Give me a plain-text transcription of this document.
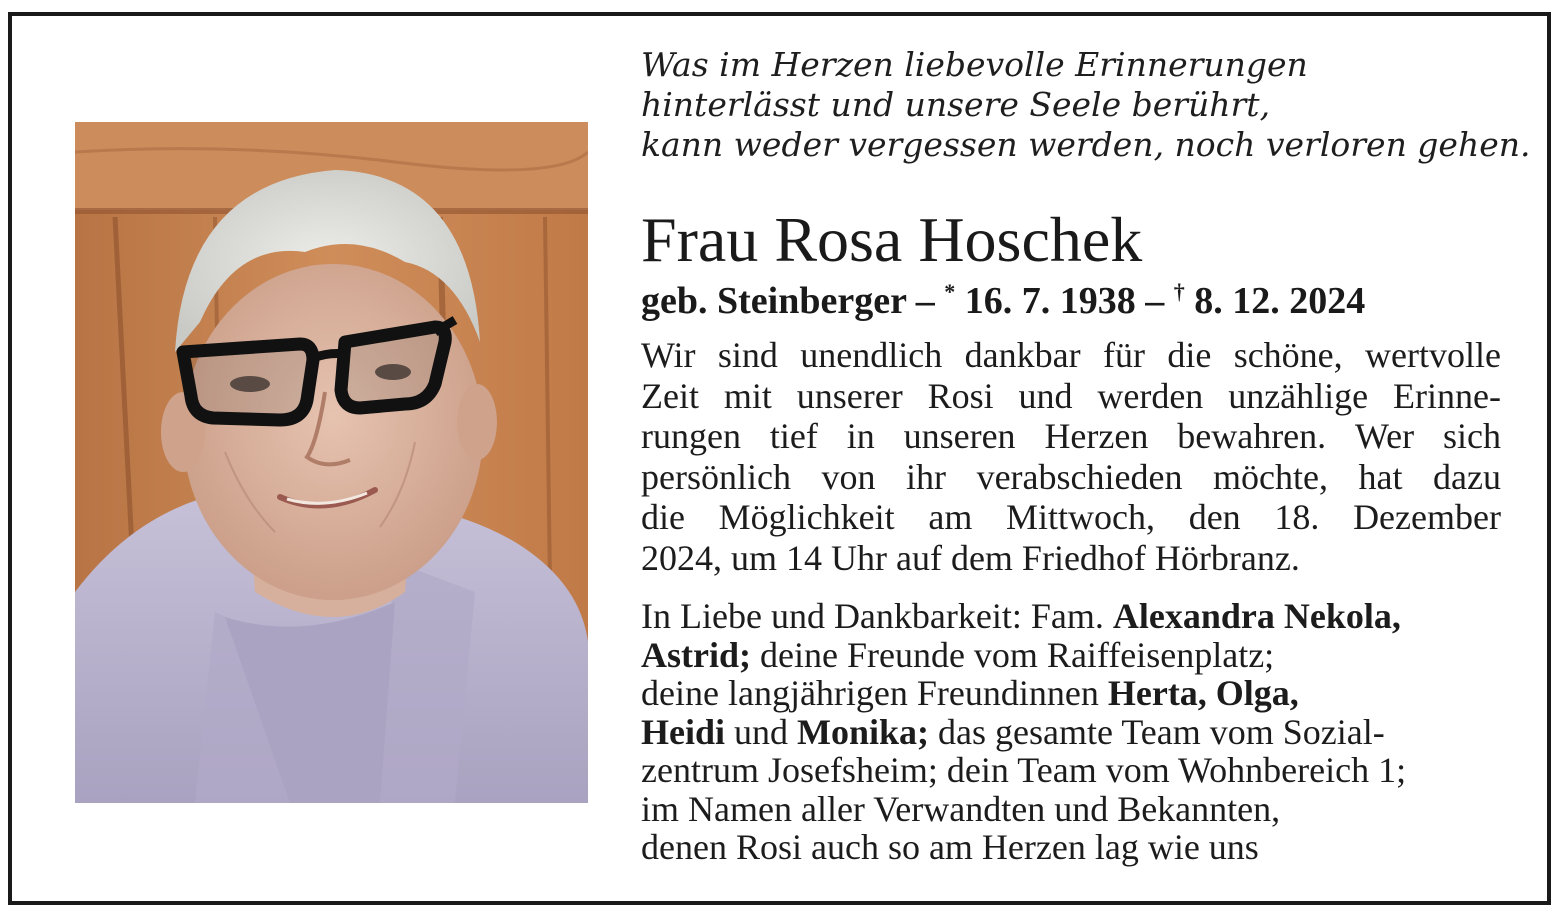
Was im Herzen liebevolle Erinnerungen
hinterlässt und unsere Seele berührt,
kann weder vergessen werden, noch verloren gehen.

Frau Rosa Hoschek
geb. Steinberger – * 16. 7. 1938 – † 8. 12. 2024
Wir sind unendlich dankbar für die schöne, wertvolle
Zeit mit unserer Rosi und werden unzählige Erinne-
rungen tief in unseren Herzen bewahren. Wer sich
persönlich von ihr verabschieden möchte, hat dazu
die Möglichkeit am Mittwoch, den 18. Dezember
2024, um 14 Uhr auf dem Friedhof Hörbranz.
In Liebe und Dankbarkeit: Fam. Alexandra Nekola,
Astrid; deine Freunde vom Raiffeisenplatz;
deine langjährigen Freundinnen Herta, Olga,
Heidi und Monika; das gesamte Team vom Sozial-
zentrum Josefsheim; dein Team vom Wohnbereich 1;
im Namen aller Verwandten und Bekannten,
denen Rosi auch so am Herzen lag wie uns
